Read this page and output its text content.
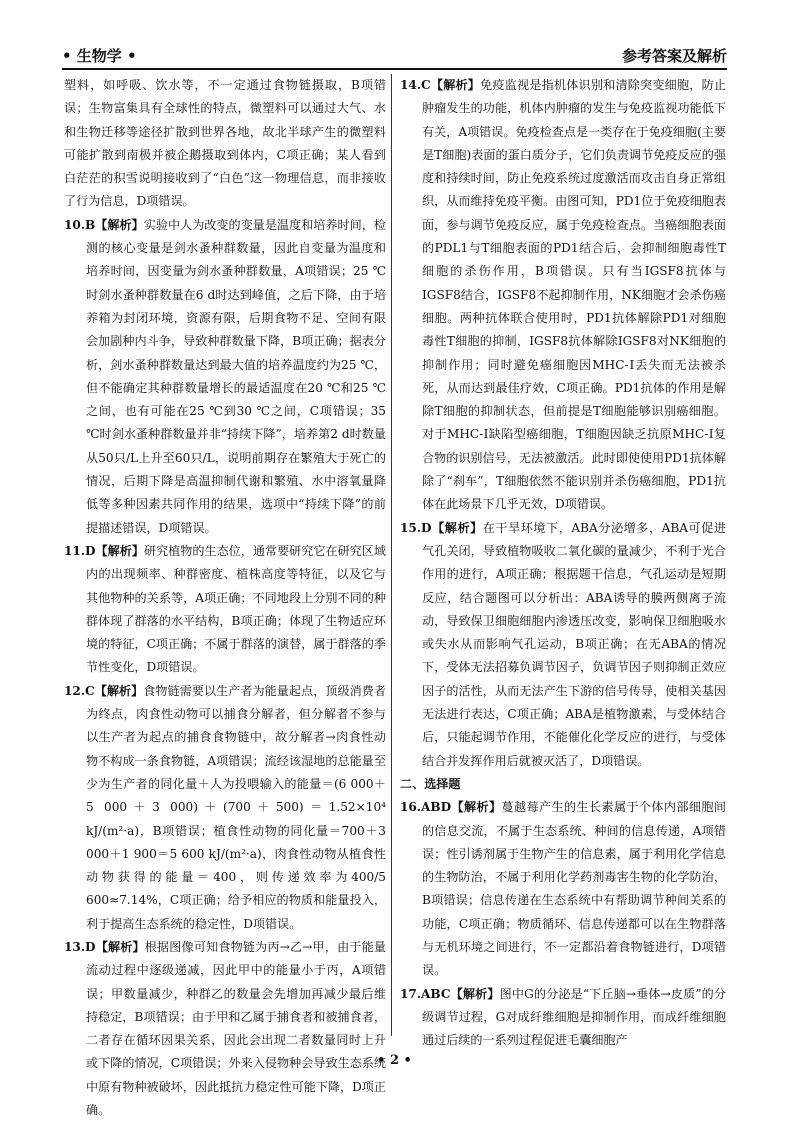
• 生物学 •	参考答案及解析

塑料，如呼吸、饮水等，不一定通过食物链摄取，B项错误；生物富集具有全球性的特点，微塑料可以通过大气、水和生物迁移等途径扩散到世界各地，故北半球产生的微塑料可能扩散到南极并被企鹅摄取到体内，C项正确；某人看到白茫茫的积雪说明接收到了“白色”这一物理信息，而非接收了行为信息，D项错误。

10.B【解析】实验中人为改变的变量是温度和培养时间，检测的核心变量是剑水蚤种群数量，因此自变量为温度和培养时间，因变量为剑水蚤种群数量，A项错误；25 ℃时剑水蚤种群数量在6 d时达到峰值，之后下降，由于培养箱为封闭环境，资源有限，后期食物不足、空间有限会加剧种内斗争，导致种群数量下降，B项正确；据表分析，剑水蚤种群数量达到最大值的培养温度约为25 ℃，但不能确定其种群数量增长的最适温度在20 ℃和25 ℃之间，也有可能在25 ℃到30 ℃之间，C项错误；35 ℃时剑水蚤种群数量并非“持续下降”，培养第2 d时数量从50只/L上升至60只/L，说明前期存在繁殖大于死亡的情况，后期下降是高温抑制代谢和繁殖、水中溶氧量降低等多种因素共同作用的结果，选项中“持续下降”的前提描述错误，D项错误。

11.D【解析】研究植物的生态位，通常要研究它在研究区域内的出现频率、种群密度、植株高度等特征，以及它与其他物种的关系等，A项正确；不同地段上分别不同的种群体现了群落的水平结构，B项正确；体现了生物适应环境的特征，C项正确；不属于群落的演替，属于群落的季节性变化，D项错误。

12.C【解析】食物链需要以生产者为能量起点，顶级消费者为终点，肉食性动物可以捕食分解者，但分解者不参与以生产者为起点的捕食食物链中，故分解者→肉食性动物不构成一条食物链，A项错误；流经该湿地的总能量至少为生产者的同化量＋人为投喂输入的能量＝(6 000＋5 000＋3 000)＋(700＋500)＝1.52×10⁴ kJ/(m²·a)，B项错误；植食性动物的同化量＝700＋3 000＋1 900＝5 600 kJ/(m²·a)，肉食性动物从植食性动物获得的能量＝400，则传递效率为400/5 600≈7.14%，C项正确；给予相应的物质和能量投入，利于提高生态系统的稳定性，D项错误。

13.D【解析】根据图像可知食物链为丙→乙→甲，由于能量流动过程中逐级递减，因此甲中的能量小于丙，A项错误；甲数量减少，种群乙的数量会先增加再减少最后维持稳定，B项错误；由于甲和乙属于捕食者和被捕食者，二者存在循环因果关系，因此会出现二者数量同时上升或下降的情况，C项错误；外来入侵物种会导致生态系统中原有物种被破坏，因此抵抗力稳定性可能下降，D项正确。

14.C【解析】免疫监视是指机体识别和清除突变细胞，防止肿瘤发生的功能，机体内肿瘤的发生与免疫监视功能低下有关，A项错误。免疫检查点是一类存在于免疫细胞(主要是T细胞)表面的蛋白质分子，它们负责调节免疫反应的强度和持续时间，防止免疫系统过度激活而攻击自身正常组织，从而维持免疫平衡。由图可知，PD1位于免疫细胞表面，参与调节免疫反应，属于免疫检查点。当癌细胞表面的PDL1与T细胞表面的PD1结合后，会抑制细胞毒性T细胞的杀伤作用，B项错误。只有当IGSF8抗体与IGSF8结合，IGSF8不起抑制作用，NK细胞才会杀伤癌细胞。两种抗体联合使用时，PD1抗体解除PD1对细胞毒性T细胞的抑制，IGSF8抗体解除IGSF8对NK细胞的抑制作用；同时避免癌细胞因MHC-Ⅰ丢失而无法被杀死，从而达到最佳疗效，C项正确。PD1抗体的作用是解除T细胞的抑制状态，但前提是T细胞能够识别癌细胞。对于MHC-Ⅰ缺陷型癌细胞，T细胞因缺乏抗原MHC-Ⅰ复合物的识别信号，无法被激活。此时即使使用PD1抗体解除了“刹车”，T细胞依然不能识别并杀伤癌细胞，PD1抗体在此场景下几乎无效，D项错误。

15.D【解析】在干旱环境下，ABA分泌增多，ABA可促进气孔关闭，导致植物吸收二氧化碳的量减少，不利于光合作用的进行，A项正确；根据题干信息，气孔运动是短期反应，结合题图可以分析出：ABA诱导的膜两侧离子流动，导致保卫细胞细胞内渗透压改变，影响保卫细胞吸水或失水从而影响气孔运动，B项正确；在无ABA的情况下，受体无法招募负调节因子，负调节因子则抑制正效应因子的活性，从而无法产生下游的信号传导，使相关基因无法进行表达，C项正确；ABA是植物激素，与受体结合后，只能起调节作用，不能催化化学反应的进行，与受体结合并发挥作用后就被灭活了，D项错误。

二、选择题

16.ABD【解析】蔓越莓产生的生长素属于个体内部细胞间的信息交流，不属于生态系统、种间的信息传递，A项错误；性引诱剂属于生物产生的信息素，属于利用化学信息的生物防治，不属于利用化学药剂毒害生物的化学防治，B项错误；信息传递在生态系统中有帮助调节种间关系的功能，C项正确；物质循环、信息传递都可以在生物群落与无机环境之间进行，不一定都沿着食物链进行，D项错误。

17.ABC【解析】图中G的分泌是“下丘脑→垂体→皮质”的分级调节过程，G对成纤维细胞是抑制作用，而成纤维细胞通过后续的一系列过程促进毛囊细胞产

• 2 •
